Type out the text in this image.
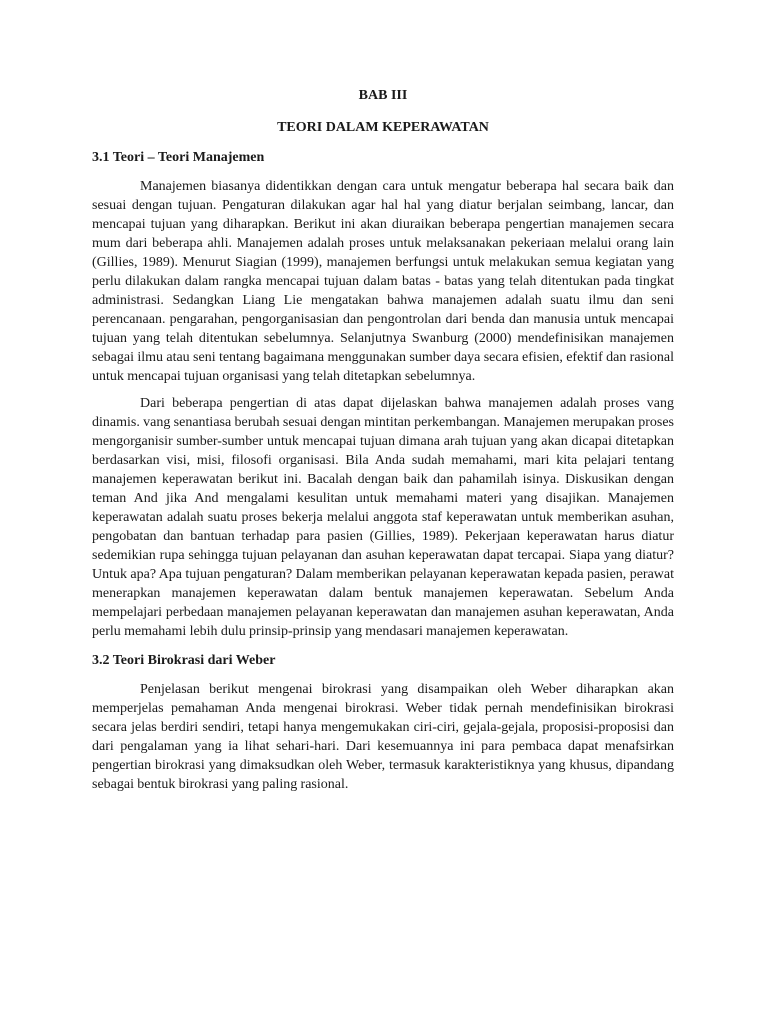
BAB III
TEORI DALAM KEPERAWATAN
3.1 Teori – Teori Manajemen

Manajemen biasanya didentikkan dengan cara untuk mengatur beberapa hal secara baik dan sesuai dengan tujuan. Pengaturan dilakukan agar hal hal yang diatur berjalan seimbang, lancar, dan mencapai tujuan yang diharapkan. Berikut ini akan diuraikan beberapa pengertian manajemen secara mum dari beberapa ahli. Manajemen adalah proses untuk melaksanakan pekeriaan melalui orang lain (Gillies, 1989). Menurut Siagian (1999), manajemen berfungsi untuk melakukan semua kegiatan yang perlu dilakukan dalam rangka mencapai tujuan dalam batas - batas yang telah ditentukan pada tingkat administrasi. Sedangkan Liang Lie mengatakan bahwa manajemen adalah suatu ilmu dan seni perencanaan. pengarahan, pengorganisasian dan pengontrolan dari benda dan manusia untuk mencapai tujuan yang telah ditentukan sebelumnya. Selanjutnya Swanburg (2000) mendefinisikan manajemen sebagai ilmu atau seni tentang bagaimana menggunakan sumber daya secara efisien, efektif dan rasional untuk mencapai tujuan organisasi yang telah ditetapkan sebelumnya.

Dari beberapa pengertian di atas dapat dijelaskan bahwa manajemen adalah proses vang dinamis. vang senantiasa berubah sesuai dengan mintitan perkembangan. Manajemen merupakan proses mengorganisir sumber-sumber untuk mencapai tujuan dimana arah tujuan yang akan dicapai ditetapkan berdasarkan visi, misi, filosofi organisasi. Bila Anda sudah memahami, mari kita pelajari tentang manajemen keperawatan berikut ini. Bacalah dengan baik dan pahamilah isinya. Diskusikan dengan teman And jika And mengalami kesulitan untuk memahami materi yang disajikan. Manajemen keperawatan adalah suatu proses bekerja melalui anggota staf keperawatan untuk memberikan asuhan, pengobatan dan bantuan terhadap para pasien (Gillies, 1989). Pekerjaan keperawatan harus diatur sedemikian rupa sehingga tujuan pelayanan dan asuhan keperawatan dapat tercapai. Siapa yang diatur? Untuk apa? Apa tujuan pengaturan? Dalam memberikan pelayanan keperawatan kepada pasien, perawat menerapkan manajemen keperawatan dalam bentuk manajemen keperawatan. Sebelum Anda mempelajari perbedaan manajemen pelayanan keperawatan dan manajemen asuhan keperawatan, Anda perlu memahami lebih dulu prinsip-prinsip yang mendasari manajemen keperawatan.

3.2 Teori Birokrasi dari Weber

Penjelasan berikut mengenai birokrasi yang disampaikan oleh Weber diharapkan akan memperjelas pemahaman Anda mengenai birokrasi. Weber tidak pernah mendefinisikan birokrasi secara jelas berdiri sendiri, tetapi hanya mengemukakan ciri-ciri, gejala-gejala, proposisi-proposisi dan dari pengalaman yang ia lihat sehari-hari. Dari kesemuannya ini para pembaca dapat menafsirkan pengertian birokrasi yang dimaksudkan oleh Weber, termasuk karakteristiknya yang khusus, dipandang sebagai bentuk birokrasi yang paling rasional.
